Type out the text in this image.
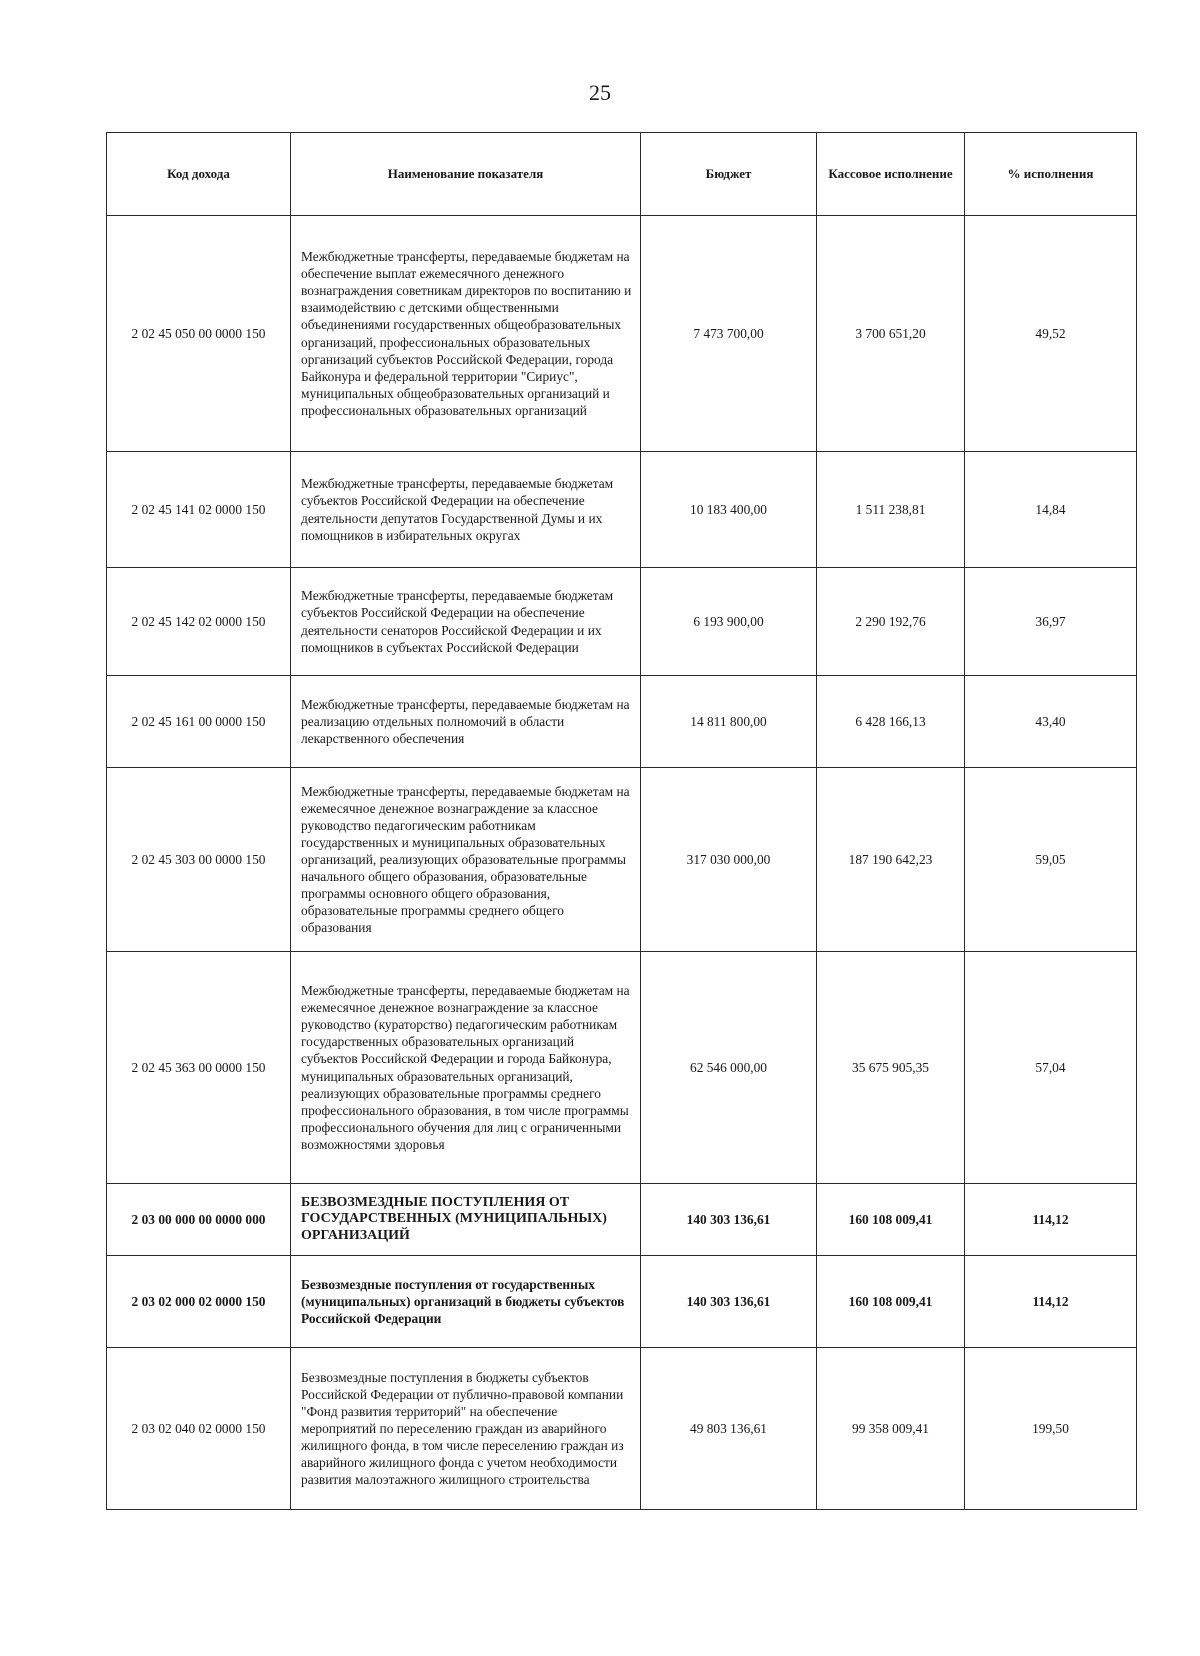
25
Код дохода	Наименование показателя	Бюджет	Кассовое исполнение	% исполнения
2 02 45 050 00 0000 150	Межбюджетные трансферты, передаваемые бюджетам на обеспечение выплат ежемесячного денежного вознаграждения советникам директоров по воспитанию и взаимодействию с детскими общественными объединениями государственных общеобразовательных организаций, профессиональных образовательных организаций субъектов Российской Федерации, города Байконура и федеральной территории "Сириус", муниципальных общеобразовательных организаций и профессиональных образовательных организаций	7 473 700,00	3 700 651,20	49,52
2 02 45 141 02 0000 150	Межбюджетные трансферты, передаваемые бюджетам субъектов Российской Федерации на обеспечение деятельности депутатов Государственной Думы и их помощников в избирательных округах	10 183 400,00	1 511 238,81	14,84
2 02 45 142 02 0000 150	Межбюджетные трансферты, передаваемые бюджетам субъектов Российской Федерации на обеспечение деятельности сенаторов Российской Федерации и их помощников в субъектах Российской Федерации	6 193 900,00	2 290 192,76	36,97
2 02 45 161 00 0000 150	Межбюджетные трансферты, передаваемые бюджетам на реализацию отдельных полномочий в области лекарственного обеспечения	14 811 800,00	6 428 166,13	43,40
2 02 45 303 00 0000 150	Межбюджетные трансферты, передаваемые бюджетам на ежемесячное денежное вознаграждение за классное руководство педагогическим работникам государственных и муниципальных образовательных организаций, реализующих образовательные программы начального общего образования, образовательные программы основного общего образования, образовательные программы среднего общего образования	317 030 000,00	187 190 642,23	59,05
2 02 45 363 00 0000 150	Межбюджетные трансферты, передаваемые бюджетам на ежемесячное денежное вознаграждение за классное руководство (кураторство) педагогическим работникам государственных образовательных организаций субъектов Российской Федерации и города Байконура, муниципальных образовательных организаций, реализующих образовательные программы среднего профессионального образования, в том числе программы профессионального обучения для лиц с ограниченными возможностями здоровья	62 546 000,00	35 675 905,35	57,04
2 03 00 000 00 0000 000	БЕЗВОЗМЕЗДНЫЕ ПОСТУПЛЕНИЯ ОТ ГОСУДАРСТВЕННЫХ (МУНИЦИПАЛЬНЫХ) ОРГАНИЗАЦИЙ	140 303 136,61	160 108 009,41	114,12
2 03 02 000 02 0000 150	Безвозмездные поступления от государственных (муниципальных) организаций в бюджеты субъектов Российской Федерации	140 303 136,61	160 108 009,41	114,12
2 03 02 040 02 0000 150	Безвозмездные поступления в бюджеты субъектов Российской Федерации от публично-правовой компании "Фонд развития территорий" на обеспечение мероприятий по переселению граждан из аварийного жилищного фонда, в том числе переселению граждан из аварийного жилищного фонда с учетом необходимости развития малоэтажного жилищного строительства	49 803 136,61	99 358 009,41	199,50
